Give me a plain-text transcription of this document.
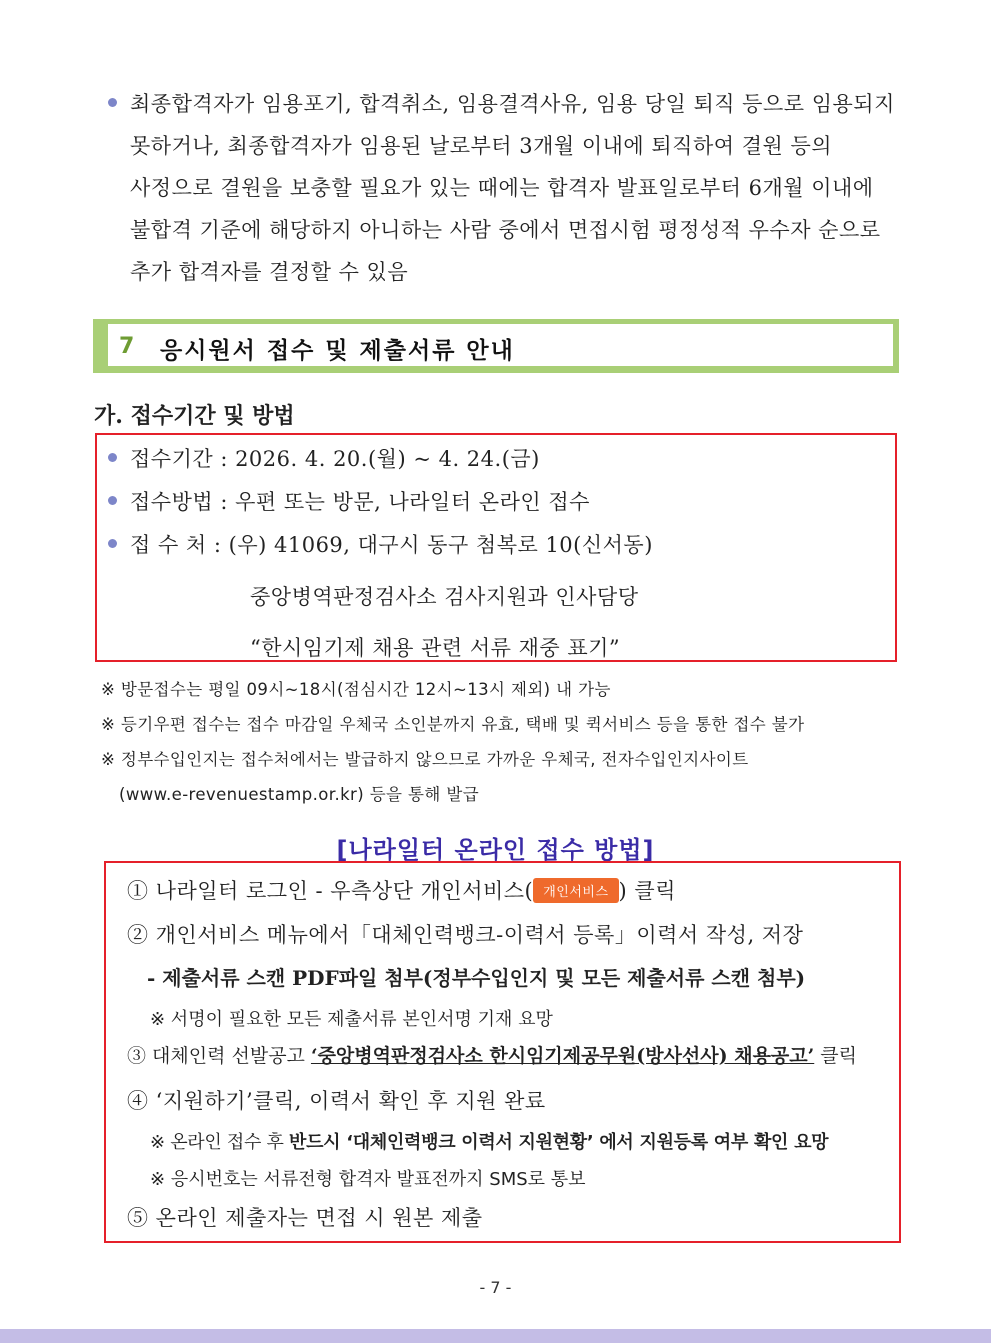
최종합격자가 임용포기, 합격취소, 임용결격사유, 임용 당일 퇴직 등으로 임용되지
못하거나, 최종합격자가 임용된 날로부터 3개월 이내에 퇴직하여 결원 등의
사정으로 결원을 보충할 필요가 있는 때에는 합격자 발표일로부터 6개월 이내에
불합격 기준에 해당하지 아니하는 사람 중에서 면접시험 평정성적 우수자 순으로
추가 합격자를 결정할 수 있음
7 응시원서 접수 및 제출서류 안내
가. 접수기간 및 방법
접수기간 : 2026. 4. 20.(월) ~ 4. 24.(금)
접수방법 : 우편 또는 방문, 나라일터 온라인 접수
접 수 처 : (우) 41069, 대구시 동구 첨복로 10(신서동)
중앙병역판정검사소 검사지원과 인사담당
“한시임기제 채용 관련 서류 재중 표기”
※ 방문접수는 평일 09시~18시(점심시간 12시~13시 제외) 내 가능
※ 등기우편 접수는 접수 마감일 우체국 소인분까지 유효, 택배 및 퀵서비스 등을 통한 접수 불가
※ 정부수입인지는 접수처에서는 발급하지 않으므로 가까운 우체국, 전자수입인지사이트
(www.e-revenuestamp.or.kr) 등을 통해 발급
[나라일터 온라인 접수 방법]
① 나라일터 로그인 - 우측상단 개인서비스( 개인서비스 ) 클릭
② 개인서비스 메뉴에서「대체인력뱅크-이력서 등록」이력서 작성, 저장
- 제출서류 스캔 PDF파일 첨부(정부수입인지 및 모든 제출서류 스캔 첨부)
※ 서명이 필요한 모든 제출서류 본인서명 기재 요망
③ 대체인력 선발공고 ‘중앙병역판정검사소 한시임기제공무원(방사선사) 채용공고’ 클릭
④ ‘지원하기’클릭, 이력서 확인 후 지원 완료
※ 온라인 접수 후 반드시 ‘대체인력뱅크 이력서 지원현황’ 에서 지원등록 여부 확인 요망
※ 응시번호는 서류전형 합격자 발표전까지 SMS로 통보
⑤ 온라인 제출자는 면접 시 원본 제출
- 7 -
